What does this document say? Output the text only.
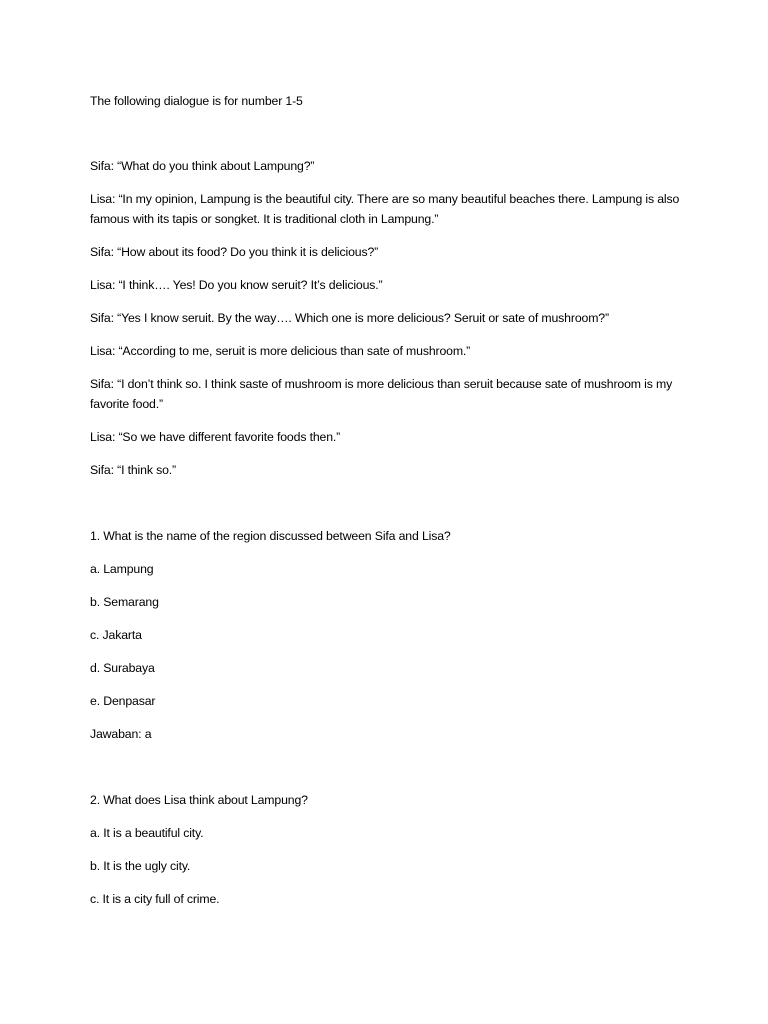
The following dialogue is for number 1-5

Sifa: “What do you think about Lampung?”

Lisa: “In my opinion, Lampung is the beautiful city. There are so many beautiful beaches there. Lampung is also famous with its tapis or songket. It is traditional cloth in Lampung.”

Sifa: “How about its food? Do you think it is delicious?”

Lisa: “I think…. Yes! Do you know seruit? It’s delicious.”

Sifa: “Yes I know seruit. By the way…. Which one is more delicious? Seruit or sate of mushroom?”

Lisa: “According to me, seruit is more delicious than sate of mushroom.”

Sifa: “I don’t think so. I think saste of mushroom is more delicious than seruit because sate of mushroom is my favorite food.”

Lisa: “So we have different favorite foods then.”

Sifa: “I think so.”

1. What is the name of the region discussed between Sifa and Lisa?

a. Lampung

b. Semarang

c. Jakarta

d. Surabaya

e. Denpasar

Jawaban: a

2. What does Lisa think about Lampung?

a. It is a beautiful city.

b. It is the ugly city.

c. It is a city full of crime.
